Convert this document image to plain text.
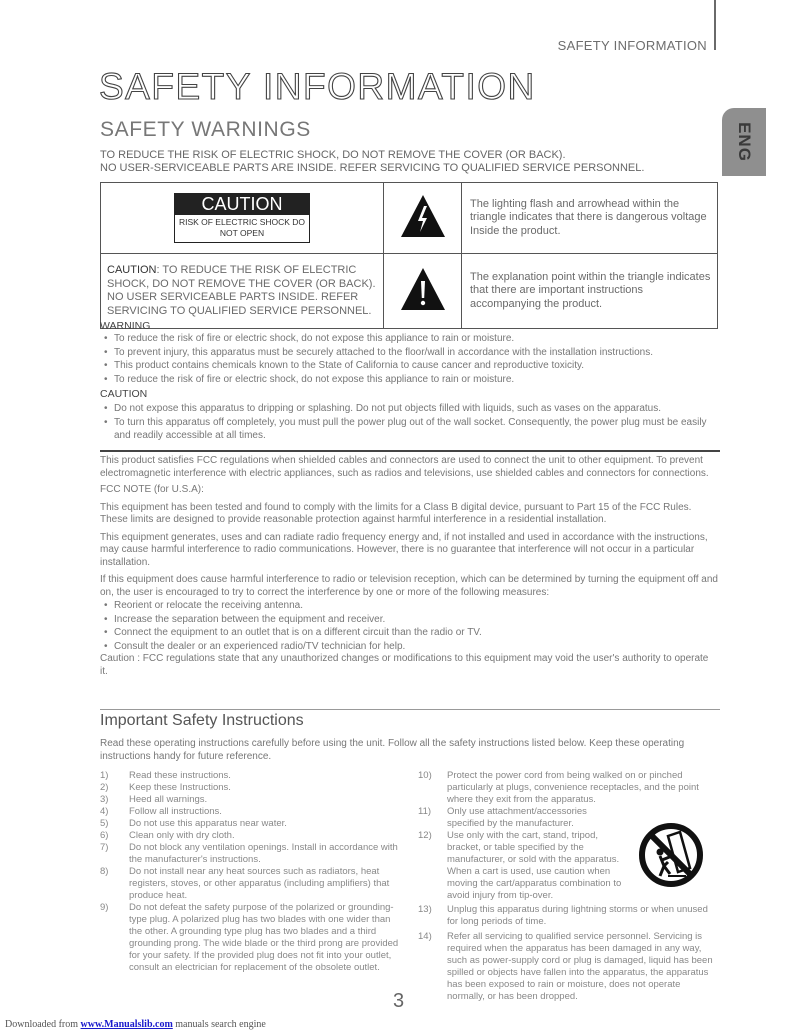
SAFETY INFORMATION
ENG
SAFETY INFORMATION
SAFETY WARNINGS
TO REDUCE THE RISK OF ELECTRIC SHOCK, DO NOT REMOVE THE COVER (OR BACK).
NO USER-SERVICEABLE PARTS ARE INSIDE. REFER SERVICING TO QUALIFIED SERVICE PERSONNEL.
CAUTION
RISK OF ELECTRIC SHOCK DO NOT OPEN		The lighting flash and arrowhead within the triangle indicates that there is dangerous voltage Inside the product.
CAUTION: TO REDUCE THE RISK OF ELECTRIC SHOCK, DO NOT REMOVE THE COVER (OR BACK). NO USER SERVICEABLE PARTS INSIDE. REFER SERVICING TO QUALIFIED SERVICE PERSONNEL.		The explanation point within the triangle indicates that there are important instructions accompanying the product.
WARNING
• To reduce the risk of fire or electric shock, do not expose this appliance to rain or moisture.
• To prevent injury, this apparatus must be securely attached to the floor/wall in accordance with the installation instructions.
• This product contains chemicals known to the State of California to cause cancer and reproductive toxicity.
• To reduce the risk of fire or electric shock, do not expose this appliance to rain or moisture.
CAUTION
• Do not expose this apparatus to dripping or splashing. Do not put objects filled with liquids, such as vases on the apparatus.
• To turn this apparatus off completely, you must pull the power plug out of the wall socket. Consequently, the power plug must be easily and readily accessible at all times.
This product satisfies FCC regulations when shielded cables and connectors are used to connect the unit to other equipment. To prevent electromagnetic interference with electric appliances, such as radios and televisions, use shielded cables and connectors for connections.
FCC NOTE (for U.S.A):
This equipment has been tested and found to comply with the limits for a Class B digital device, pursuant to Part 15 of the FCC Rules. These limits are designed to provide reasonable protection against harmful interference in a residential installation.
This equipment generates, uses and can radiate radio frequency energy and, if not installed and used in accordance with the instructions, may cause harmful interference to radio communications. However, there is no guarantee that interference will not occur in a particular installation.
If this equipment does cause harmful interference to radio or television reception, which can be determined by turning the equipment off and on, the user is encouraged to try to correct the interference by one or more of the following measures:
• Reorient or relocate the receiving antenna.
• Increase the separation between the equipment and receiver.
• Connect the equipment to an outlet that is on a different circuit than the radio or TV.
• Consult the dealer or an experienced radio/TV technician for help.
Caution : FCC regulations state that any unauthorized changes or modifications to this equipment may void the user's authority to operate it.
Important Safety Instructions
Read these operating instructions carefully before using the unit. Follow all the safety instructions listed below. Keep these operating instructions handy for future reference.
1)	Read these instructions.
2)	Keep these Instructions.
3)	Heed all warnings.
4)	Follow all instructions.
5)	Do not use this apparatus near water.
6)	Clean only with dry cloth.
7)	Do not block any ventilation openings. Install in accordance with the manufacturer's instructions.
8)	Do not install near any heat sources such as radiators, heat registers, stoves, or other apparatus (including amplifiers) that produce heat.
9)	Do not defeat the safety purpose of the polarized or grounding-type plug. A polarized plug has two blades with one wider than the other. A grounding type plug has two blades and a third grounding prong. The wide blade or the third prong are provided for your safety. If the provided plug does not fit into your outlet, consult an electrician for replacement of the obsolete outlet.
10)	Protect the power cord from being walked on or pinched particularly at plugs, convenience receptacles, and the point where they exit from the apparatus.
11)	Only use attachment/accessories specified by the manufacturer.
12)	Use only with the cart, stand, tripod, bracket, or table specified by the manufacturer, or sold with the apparatus. When a cart is used, use caution when moving the cart/apparatus combination to avoid injury from tip-over.
13)	Unplug this apparatus during lightning storms or when unused for long periods of time.
14)	Refer all servicing to qualified service personnel. Servicing is required when the apparatus has been damaged in any way, such as power-supply cord or plug is damaged, liquid has been spilled or objects have fallen into the apparatus, the apparatus has been exposed to rain or moisture, does not operate normally, or has been dropped.
3
Downloaded from www.Manualslib.com manuals search engine
